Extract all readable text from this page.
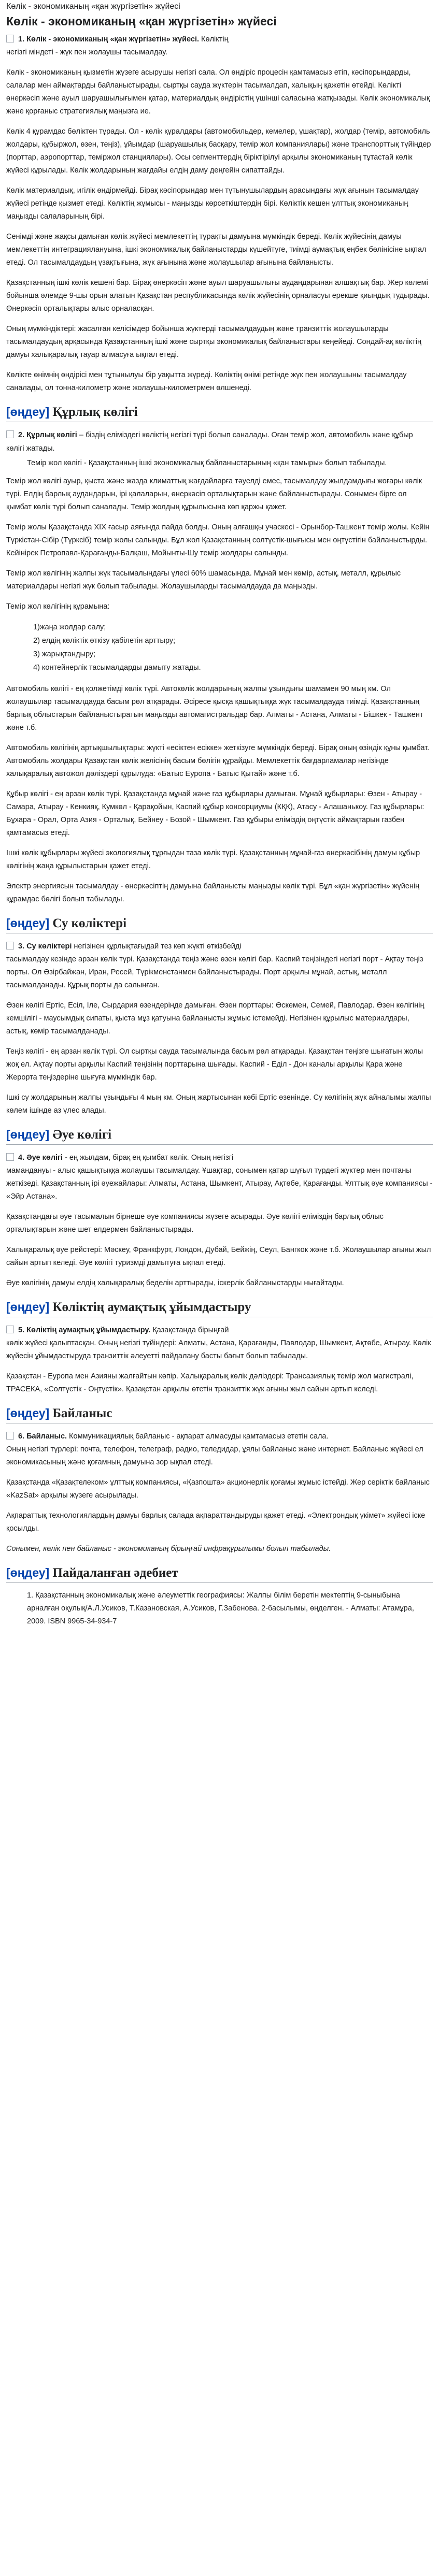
Көлік - экономиканың «қан жүргізетін» жүйесі
Көлік - экономиканың «қан жүргізетін» жүйесі
1. Көлік - экономиканың «қан жүргізетін» жүйесі. Көліктің

негізгі міндеті - жүк пен жолаушы тасымалдау.

Көлік - экономиканың қызметін жүзеге асырушы негізгі сала. Ол өндіріс процесін қамтамасыз етіп, кәсіпорындарды, салалар мен аймақтарды байланыстырады, сыртқы сауда жүктерін тасымалдап, халықың қажетін өтейді. Көлікті өнеркәсіп және ауыл шаруашылығымен қатар, материалдық өндірістің үшінші саласына жатқызады. Көлік экономикалық және қорғаныс стратегиялық маңызға ие.

Көлік 4 құрамдас бөліктен тұрады. Ол - көлік құралдары (автомобильдер, кемелер, ұшақтар), жолдар (темір, автомобиль жолдары, құбыржол, өзен, теңіз), ұйымдар (шаруашылық басқару, темір жол компаниялары) және транспорттық түйіндер (порттар, аэропорттар, теміржол станциялары). Осы сегменттердің біріктірілуі арқылы экономиканың тұтастай көлік жүйесі құрылады. Көлік жолдарының жағдайы елдің даму деңгейін сипаттайды.

Көлік материалдық, игілік өндірмейді. Бірақ кәсіпорындар мен тұтынушылардың арасындағы жүк ағынын тасымалдау жүйесі ретінде қызмет етеді. Көліктің жұмысы - маңызды көрсеткіштердің бірі. Көліктік кешен ұлттық экономиканың маңызды салаларының бірі.

Сенімді және жақсы дамыған көлік жүйесі мемлекеттің тұрақты дамуына мүмкіндік береді. Көлік жүйесінің дамуы мемлекеттің интеграциялануына, ішкі экономикалық байланыстарды күшейтуге, тиімді аумақтық еңбек бөлінісіне ықпал етеді. Ол тасымалдаудың ұзақтығына, жүк ағынына және жолаушылар ағынына байланысты.

Қазақстанның ішкі көлік кешені бар. Бірақ өнеркәсіп және ауыл шаруашылығы аудандарынан алшақтық бар. Жер көлемі бойынша әлемде 9-шы орын алатын Қазақстан республикасында көлік жүйесінің орналасуы ерекше қиындық тудырады. Өнеркәсіп орталықтары алыс орналасқан.

Оның мүмкіндіктері: жасалған келісімдер бойынша жүктерді тасымалдаудың және транзиттік жолаушыларды тасымалдаудың арқасында Қазақстанның ішкі және сыртқы экономикалық байланыстары кеңейеді. Сондай-ақ көліктің дамуы халықаралық тауар алмасуға ықпал етеді.

Көлікте өнімнің өндірісі мен тұтынылуы бір уақытта жүреді. Көліктің өнімі ретінде жүк пен жолаушыны тасымалдау саналады, ол тонна-километр және жолаушы-километрмен өлшенеді.

[өңдеу] Құрлық көлігі
2. Құрлық көлігі – біздің еліміздегі көліктің негізгі түрі болып саналады. Оған темір жол, автомобиль және құбыр көлігі жатады.
Темір жол көлігі - Қазақстанның ішкі экономикалық байланыстарының «қан тамыры» болып табылады.

Темір жол көлігі ауыр, қыста және жазда климаттық жағдайларға тәуелді емес, тасымалдау жылдамдығы жоғары көлік түрі. Елдің барлық аудандарын, ірі қалаларын, өнеркәсіп орталықтарын және байланыстырады. Сонымен бірге ол қымбат көлік түрі болып саналады. Темір жолдың құрылысына көп қаржы қажет.

Темір жолы Қазақстанда XIX ғасыр аяғында пайда болды. Оның алғашқы учаскесі - Орынбор-Ташкент темір жолы. Кейін Түркістан-Сібір (Түрксіб) темір жолы салынды. Бұл жол Қазақстанның солтүстік-шығысы мен оңтүстігін байланыстырды. Кейінірек Петропавл-Қарағанды-Балқаш, Мойынты-Шу темір жолдары салынды.

Темір жол көлігінің жалпы жүк тасымалындағы үлесі 60% шамасында. Мұнай мен көмір, астық, металл, құрылыс материалдары негізгі жүк болып табылады. Жолаушыларды тасымалдауда да маңызды.

Темір жол көлігінің құрамына:

1)жаңа жолдар салу;
2) елдің көліктік өткізу қабілетін арттыру;
3) жарықтандыру;
4) контейнерлік тасымалдарды дамыту жатады.

Автомобиль көлігі - ең қолжетімді көлік түрі. Автокөлік жолдарының жалпы ұзындығы шамамен 90 мың км. Ол жолаушылар тасымалдауда басым рөл атқарады. Әсіресе қысқа қашықтыққа жүк тасымалдауда тиімді. Қазақстанның барлық облыстарын байланыстыратын маңызды автомагистральдар бар. Алматы - Астана, Алматы - Бішкек - Ташкент және т.б.

Автомобиль көлігінің артықшылықтары: жүкті «есіктен есікке» жеткізуге мүмкіндік береді. Бірақ оның өзіндік құны қымбат. Автомобиль жолдары Қазақстан көлік желісінің басым бөлігін құрайды. Мемлекеттік бағдарламалар негізінде халықаралық автожол дәліздері құрылуда: «Батыс Еуропа - Батыс Қытай» және т.б.

Құбыр көлігі - ең арзан көлік түрі. Қазақстанда мұнай және газ құбырлары дамыған. Мұнай құбырлары: Өзен - Атырау - Самара, Атырау - Кенкияқ, Кумкөл - Қарақойын, Каспий құбыр консорциумы (КҚК), Атасу - Алашанькоу. Газ құбырлары: Бұхара - Орал, Орта Азия - Орталық, Бейнеу - Бозой - Шымкент. Газ құбыры еліміздің оңтүстік аймақтарын газбен қамтамасыз етеді.

Ішкі көлік құбырлары жүйесі экологиялық тұрғыдан таза көлік түрі. Қазақстанның мұнай-газ өнеркәсібінің дамуы құбыр көлігінің жаңа құрылыстарын қажет етеді.

Электр энергиясын тасымалдау - өнеркәсіптің дамуына байланысты маңызды көлік түрі. Бұл «қан жүргізетін» жүйенің құрамдас бөлігі болып табылады.

[өңдеу] Су көліктері
3. Су көліктері негізінен құрлықтағыдай тез көп жүкті өткізбейді

тасымалдау кезінде арзан көлік түрі. Қазақстанда теңіз және өзен көлігі бар. Каспий теңізіндегі негізгі порт - Ақтау теңіз порты. Ол Әзірбайжан, Иран, Ресей, Түрікменстанмен байланыстырады. Порт арқылы мұнай, астық, металл тасымалданады. Құрық порты да салынған.

Өзен көлігі Ертіс, Есіл, Іле, Сырдария өзендерінде дамыған. Өзен порттары: Өскемен, Семей, Павлодар. Өзен көлігінің кемшілігі - маусымдық сипаты, қыста мұз қатуына байланысты жұмыс істемейді. Негізінен құрылыс материалдары, астық, көмір тасымалданады.

Теңіз көлігі - ең арзан көлік түрі. Ол сыртқы сауда тасымалында басым рөл атқарады. Қазақстан теңізге шығатын жолы жоқ ел. Ақтау порты арқылы Каспий теңізінің порттарына шығады. Каспий - Еділ - Дон каналы арқылы Қара және Жерорта теңіздеріне шығуға мүмкіндік бар.

Ішкі су жолдарының жалпы ұзындығы 4 мың км. Оның жартысынан көбі Ертіс өзенінде. Су көлігінің жүк айналымы жалпы көлем ішінде аз үлес алады.

[өңдеу] Әуе көлігі
4. Әуе көлігі - ең жылдам, бірақ ең қымбат көлік. Оның негізгі

мамандануы - алыс қашықтыққа жолаушы тасымалдау. Ұшақтар, сонымен қатар шұғыл түрдегі жүктер мен почтаны жеткізеді. Қазақстанның ірі әуежайлары: Алматы, Астана, Шымкент, Атырау, Ақтөбе, Қарағанды. Ұлттық әуе компаниясы - «Эйр Астана».

Қазақстандағы әуе тасымалын бірнеше әуе компаниясы жүзеге асырады. Әуе көлігі еліміздің барлық облыс орталықтарын және шет елдермен байланыстырады.

Халықаралық әуе рейстері: Мәскеу, Франкфурт, Лондон, Дубай, Бейжің, Сеул, Бангкок және т.б. Жолаушылар ағыны жыл сайын артып келеді. Әуе көлігі туризмді дамытуға ықпал етеді.

Әуе көлігінің дамуы елдің халықаралық беделін арттырады, іскерлік байланыстарды нығайтады.

[өңдеу] Көліктің аумақтық ұйымдастыру
5. Көліктің аумақтық ұйымдастыру. Қазақстанда бірыңғай

көлік жүйесі қалыптасқан. Оның негізгі түйіндері: Алматы, Астана, Қарағанды, Павлодар, Шымкент, Ақтөбе, Атырау. Көлік жүйесін ұйымдастыруда транзиттік әлеуетті пайдалану басты бағыт болып табылады.

Қазақстан - Еуропа мен Азияны жалғайтын көпір. Халықаралық көлік дәліздері: Трансазиялық темір жол магистралі, ТРАСЕКА, «Солтүстік - Оңтүстік». Қазақстан арқылы өтетін транзиттік жүк ағыны жыл сайын артып келеді.

[өңдеу] Байланыс
6. Байланыс. Коммуникациялық байланыс - ақпарат алмасуды қамтамасыз ететін сала.

Оның негізгі түрлері: почта, телефон, телеграф, радио, теледидар, ұялы байланыс және интернет. Байланыс жүйесі ел экономикасының және қоғамның дамуына зор ықпал етеді.

Қазақстанда «Қазақтелеком» ұлттық компаниясы, «Қазпошта» акционерлік қоғамы жұмыс істейді. Жер серіктік байланыс «KazSat» арқылы жүзеге асырылады.

Ақпараттық технологиялардың дамуы барлық салада ақпараттандыруды қажет етеді. «Электрондық үкімет» жүйесі іске қосылды.

Сонымен, көлік пен байланыс - экономиканың бірыңғай инфрақұрылымы болып табылады.

[өңдеу] Пайдаланған әдебиет
1. Қазақстанның экономикалық және әлеуметтік географиясы: Жалпы білім беретін мектептің 9-сыныбына арналған оқулық/А.Л.Усиков, Т.Казановская, А.Усиков, Г.Забенова. 2-басылымы, өңделген. - Алматы: Атамұра, 2009. ISBN 9965-34-934-7
